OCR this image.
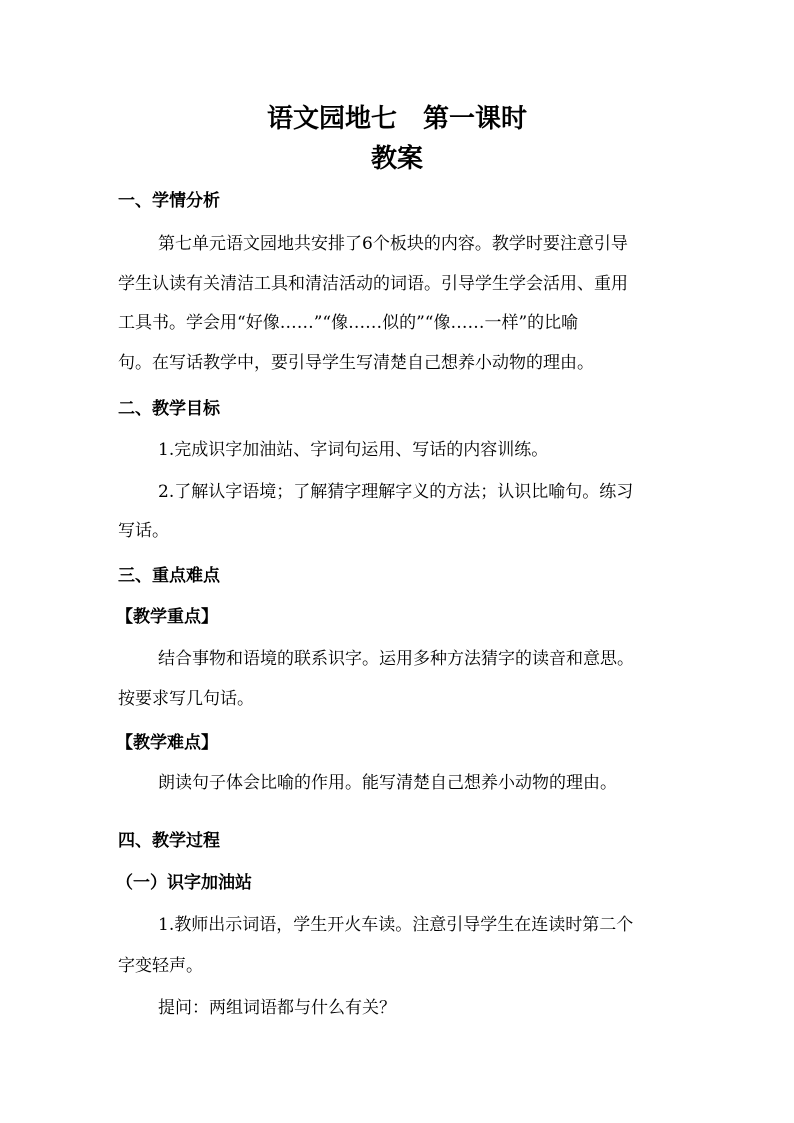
语文园地七　第一课时
教案
一、学情分析

第七单元语文园地共安排了6个板块的内容。教学时要注意引导

学生认读有关清洁工具和清洁活动的词语。引导学生学会活用、重用

工具书。学会用“好像……”“像……似的”“像……一样”的比喻

句。在写话教学中，要引导学生写清楚自己想养小动物的理由。

二、教学目标

1.完成识字加油站、字词句运用、写话的内容训练。

2.了解认字语境；了解猜字理解字义的方法；认识比喻句。练习

写话。

三、重点难点
【教学重点】

结合事物和语境的联系识字。运用多种方法猜字的读音和意思。

按要求写几句话。

【教学难点】

朗读句子体会比喻的作用。能写清楚自己想养小动物的理由。

四、教学过程
（一）识字加油站

1.教师出示词语，学生开火车读。注意引导学生在连读时第二个

字变轻声。

提问：两组词语都与什么有关？
